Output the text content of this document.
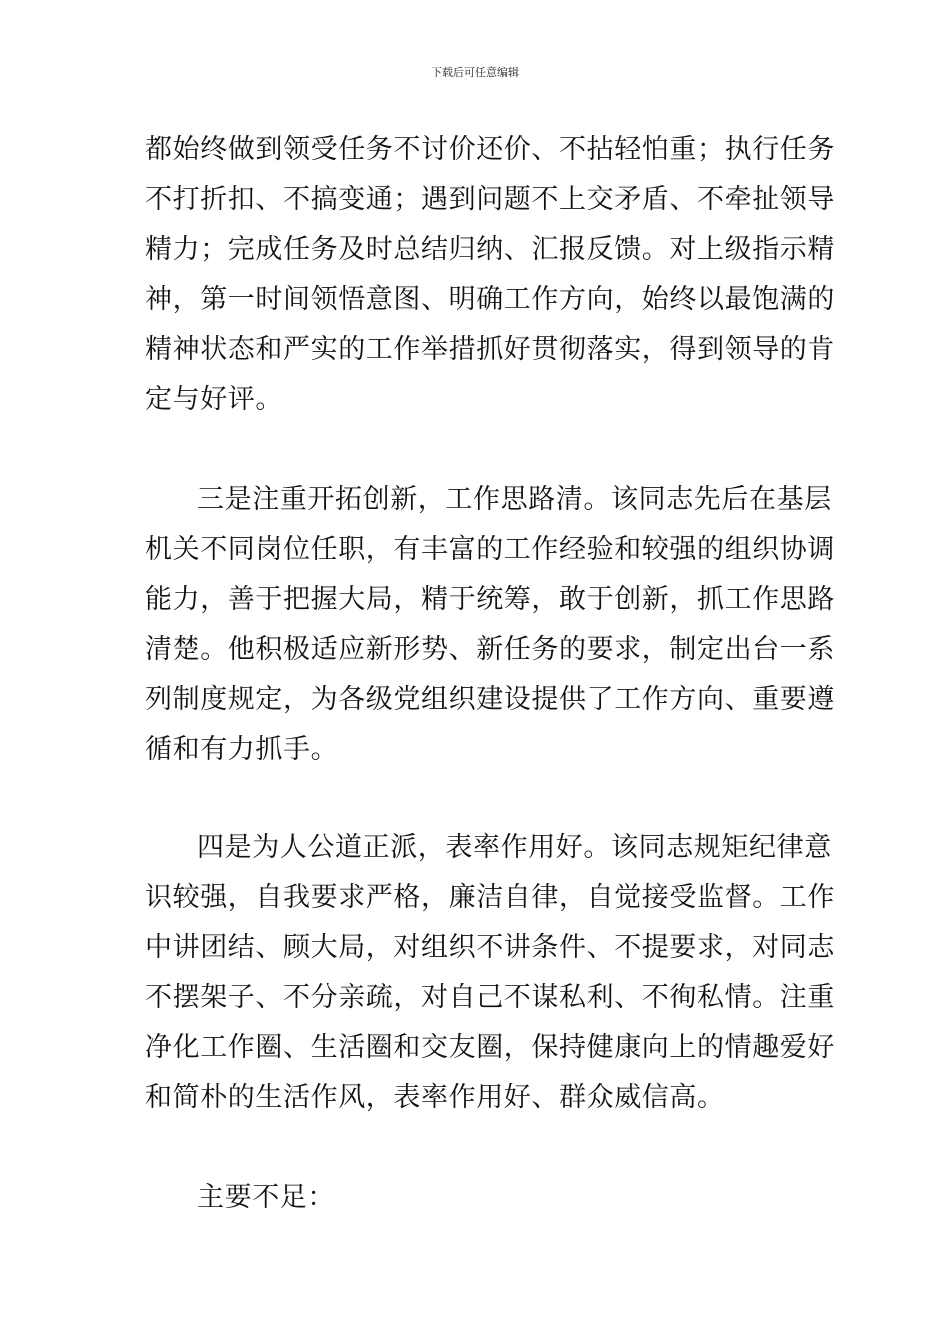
下载后可任意编辑
都始终做到领受任务不讨价还价、不拈轻怕重；执行任务
不打折扣、不搞变通；遇到问题不上交矛盾、不牵扯领导
精力；完成任务及时总结归纳、汇报反馈。对上级指示精
神，第一时间领悟意图、明确工作方向，始终以最饱满的
精神状态和严实的工作举措抓好贯彻落实，得到领导的肯
定与好评。
三是注重开拓创新，工作思路清。该同志先后在基层
机关不同岗位任职，有丰富的工作经验和较强的组织协调
能力，善于把握大局，精于统筹，敢于创新，抓工作思路
清楚。他积极适应新形势、新任务的要求，制定出台一系
列制度规定，为各级党组织建设提供了工作方向、重要遵
循和有力抓手。
四是为人公道正派，表率作用好。该同志规矩纪律意
识较强，自我要求严格，廉洁自律，自觉接受监督。工作
中讲团结、顾大局，对组织不讲条件、不提要求，对同志
不摆架子、不分亲疏，对自己不谋私利、不徇私情。注重
净化工作圈、生活圈和交友圈，保持健康向上的情趣爱好
和简朴的生活作风，表率作用好、群众威信高。
主要不足：
